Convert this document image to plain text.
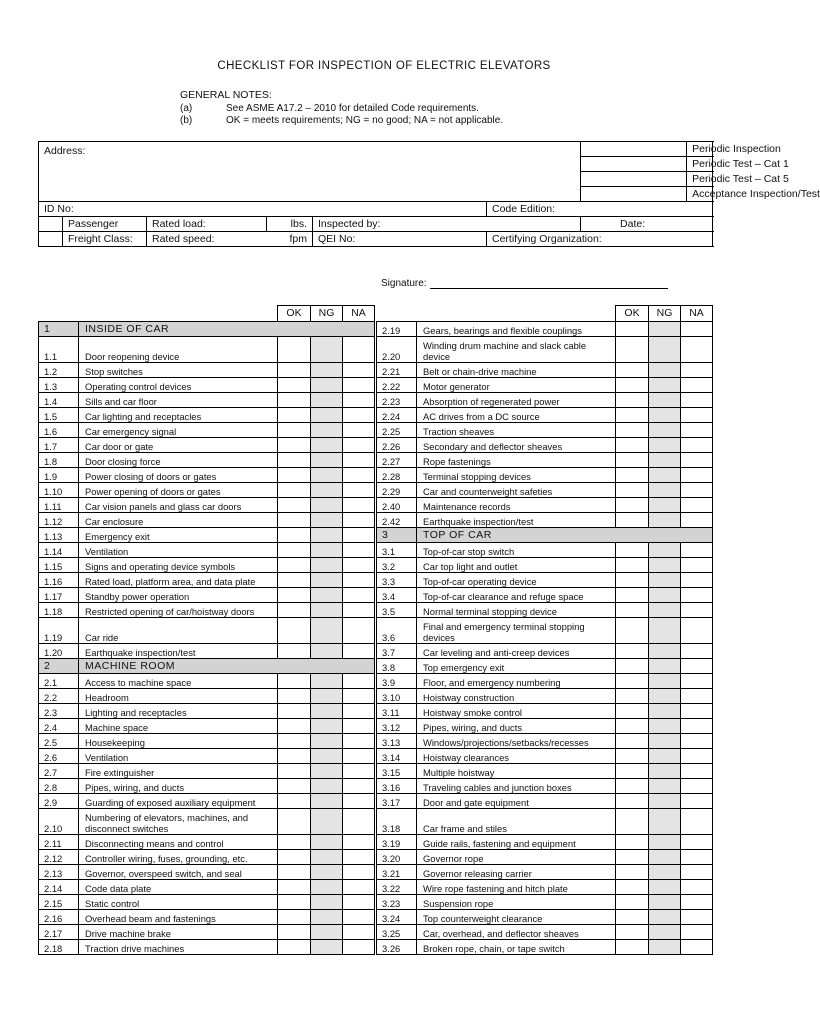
CHECKLIST FOR INSPECTION OF ELECTRIC ELEVATORS
GENERAL NOTES:
(a)	See ASME A17.2 – 2010 for detailed Code requirements.
(b)	OK = meets requirements; NG = no good; NA = not applicable.
Address:							Periodic Inspection
							Periodic Test – Cat 1
							Periodic Test – Cat 5
							Acceptance Inspection/Test
ID No:					Code Edition:		
	Passenger	Rated load:	lbs.	Inspected by:		Date:	
	Freight Class:	Rated speed: fpm		QEI No:	Certifying Organization:		
Signature:
		OK	NG	NA
1	INSIDE OF CAR			
1.1	Door reopening device			
1.2	Stop switches			
1.3	Operating control devices			
1.4	Sills and car floor			
1.5	Car lighting and receptacles			
1.6	Car emergency signal			
1.7	Car door or gate			
1.8	Door closing force			
1.9	Power closing of doors or gates			
1.10	Power opening of doors or gates			
1.11	Car vision panels and glass car doors			
1.12	Car enclosure			
1.13	Emergency exit			
1.14	Ventilation			
1.15	Signs and operating device symbols			
1.16	Rated load, platform area, and data plate			
1.17	Standby power operation			
1.18	Restricted opening of car/hoistway doors			
1.19	Car ride			
1.20	Earthquake inspection/test			
2	MACHINE ROOM			
2.1	Access to machine space			
2.2	Headroom			
2.3	Lighting and receptacles			
2.4	Machine space			
2.5	Housekeeping			
2.6	Ventilation			
2.7	Fire extinguisher			
2.8	Pipes, wiring, and ducts			
2.9	Guarding of exposed auxiliary equipment			
2.10	Numbering of elevators, machines, and disconnect switches			
2.11	Disconnecting means and control			
2.12	Controller wiring, fuses, grounding, etc.			
2.13	Governor, overspeed switch, and seal			
2.14	Code data plate			
2.15	Static control			
2.16	Overhead beam and fastenings			
2.17	Drive machine brake			
2.18	Traction drive machines			
		OK	NG	NA
2.19	Gears, bearings and flexible couplings			
2.20	Winding drum machine and slack cable device			
2.21	Belt or chain-drive machine			
2.22	Motor generator			
2.23	Absorption of regenerated power			
2.24	AC drives from a DC source			
2.25	Traction sheaves			
2.26	Secondary and deflector sheaves			
2.27	Rope fastenings			
2.28	Terminal stopping devices			
2.29	Car and counterweight safeties			
2.40	Maintenance records			
2.42	Earthquake inspection/test			
3	TOP OF CAR			
3.1	Top-of-car stop switch			
3.2	Car top light and outlet			
3.3	Top-of-car operating device			
3.4	Top-of-car clearance and refuge space			
3.5	Normal terminal stopping device			
3.6	Final and emergency terminal stopping devices			
3.7	Car leveling and anti-creep devices			
3.8	Top emergency exit			
3.9	Floor, and emergency numbering			
3.10	Hoistway construction			
3.11	Hoistway smoke control			
3.12	Pipes, wiring, and ducts			
3.13	Windows/projections/setbacks/recesses			
3.14	Hoistway clearances			
3.15	Multiple hoistway			
3.16	Traveling cables and junction boxes			
3.17	Door and gate equipment			
3.18	Car frame and stiles			
3.19	Guide rails, fastening and equipment			
3.20	Governor rope			
3.21	Governor releasing carrier			
3.22	Wire rope fastening and hitch plate			
3.23	Suspension rope			
3.24	Top counterweight clearance			
3.25	Car, overhead, and deflector sheaves			
3.26	Broken rope, chain, or tape switch			
